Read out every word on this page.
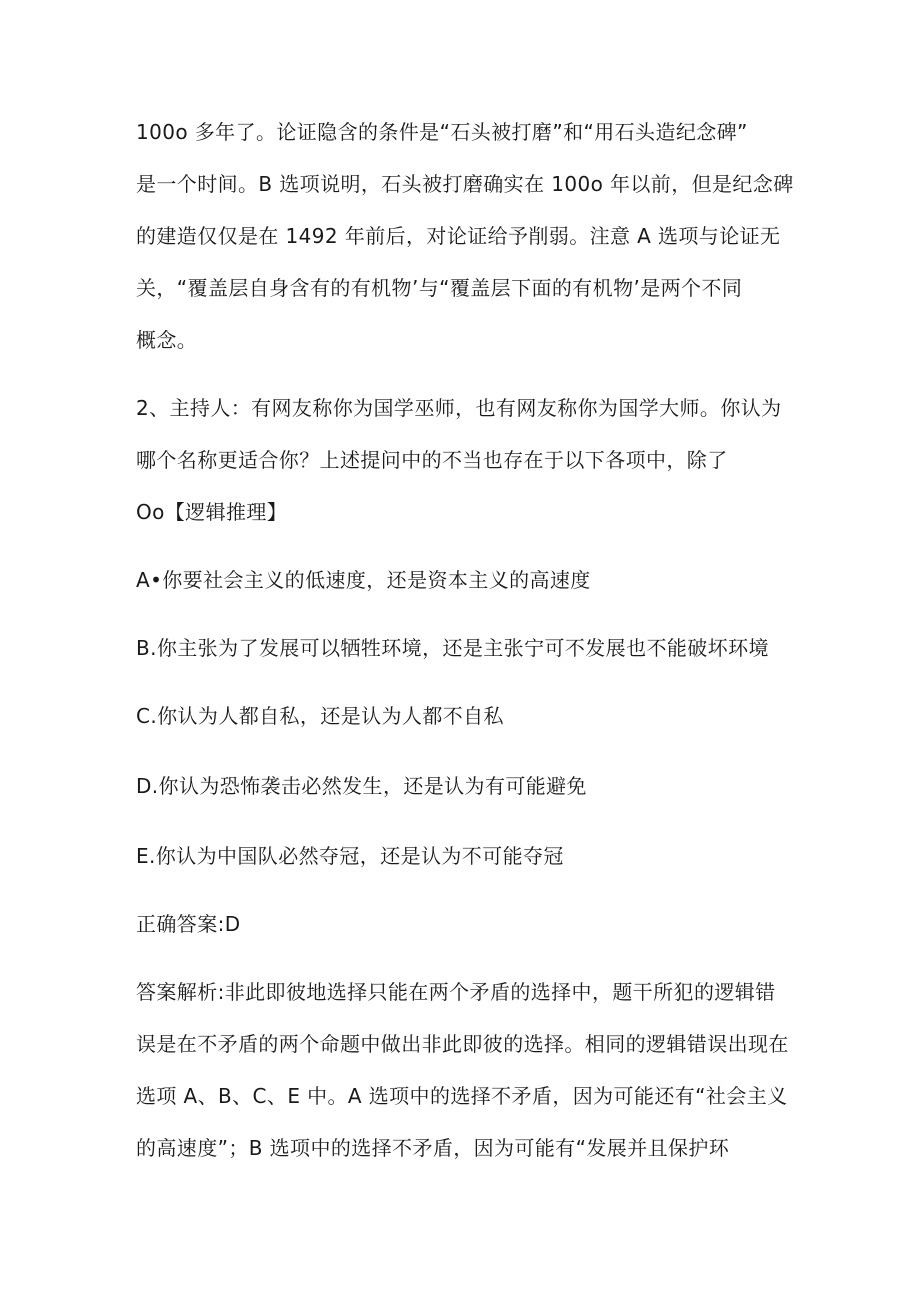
100o 多年了。论证隐含的条件是“石头被打磨”和“用石头造纪念碑”
是一个时间。B 选项说明，石头被打磨确实在 100o 年以前，但是纪念碑
的建造仅仅是在 1492 年前后，对论证给予削弱。注意 A 选项与论证无
关，“覆盖层自身含有的有机物’与“覆盖层下面的有机物’是两个不同
概念。
2、主持人：有网友称你为国学巫师，也有网友称你为国学大师。你认为
哪个名称更适合你？上述提问中的不当也存在于以下各项中，除了
Oo【逻辑推理】
A•你要社会主义的低速度，还是资本主义的高速度
B.你主张为了发展可以牺牲环境，还是主张宁可不发展也不能破坏环境
C.你认为人都自私，还是认为人都不自私
D.你认为恐怖袭击必然发生，还是认为有可能避免
E.你认为中国队必然夺冠，还是认为不可能夺冠
正确答案:D
答案解析:非此即彼地选择只能在两个矛盾的选择中，题干所犯的逻辑错
误是在不矛盾的两个命题中做出非此即彼的选择。相同的逻辑错误出现在
选项 A、B、C、E 中。A 选项中的选择不矛盾，因为可能还有“社会主义
的高速度”；B 选项中的选择不矛盾，因为可能有“发展并且保护环
